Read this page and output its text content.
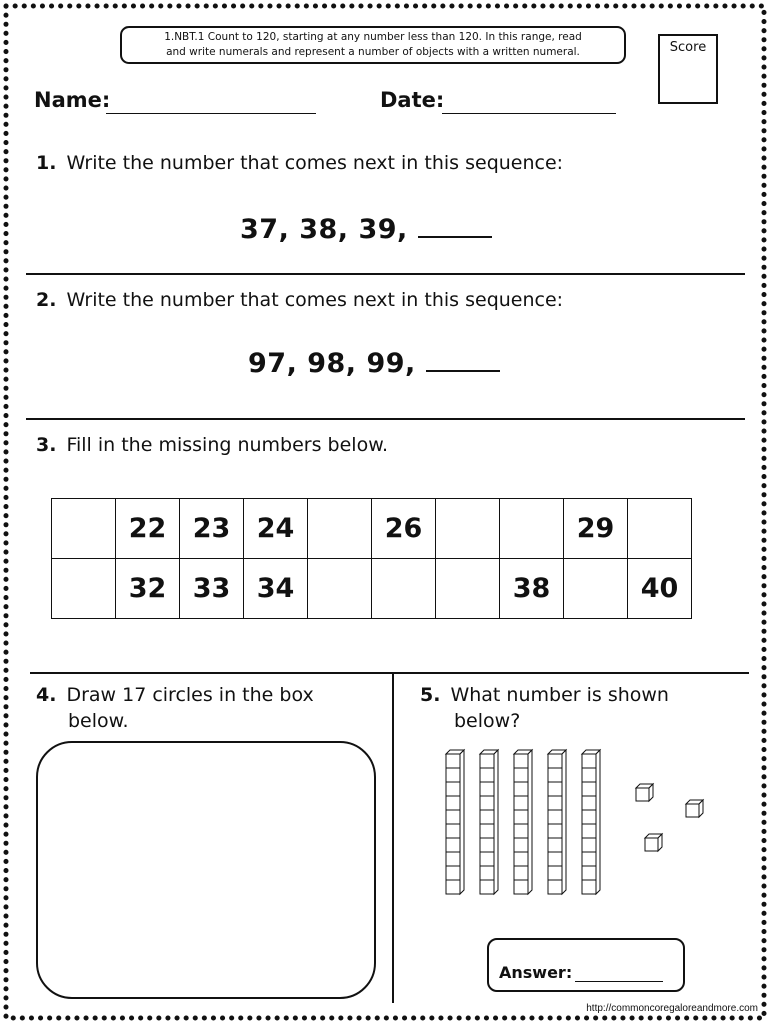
1.NBT.1 Count to 120, starting at any number less than 120. In this range, read
and write numerals and represent a number of objects with a written numeral.	Score
Name:	Date:
1. Write the number that comes next in this sequence:
37, 38, 39,
2. Write the number that comes next in this sequence:
97, 98, 99,
3. Fill in the missing numbers below.
	22	23	24		26			29	
	32	33	34				38		40
4. Draw 17 circles in the box
below.
5. What number is shown
below?
Answer:
http://commoncoregaloreandmore.com
